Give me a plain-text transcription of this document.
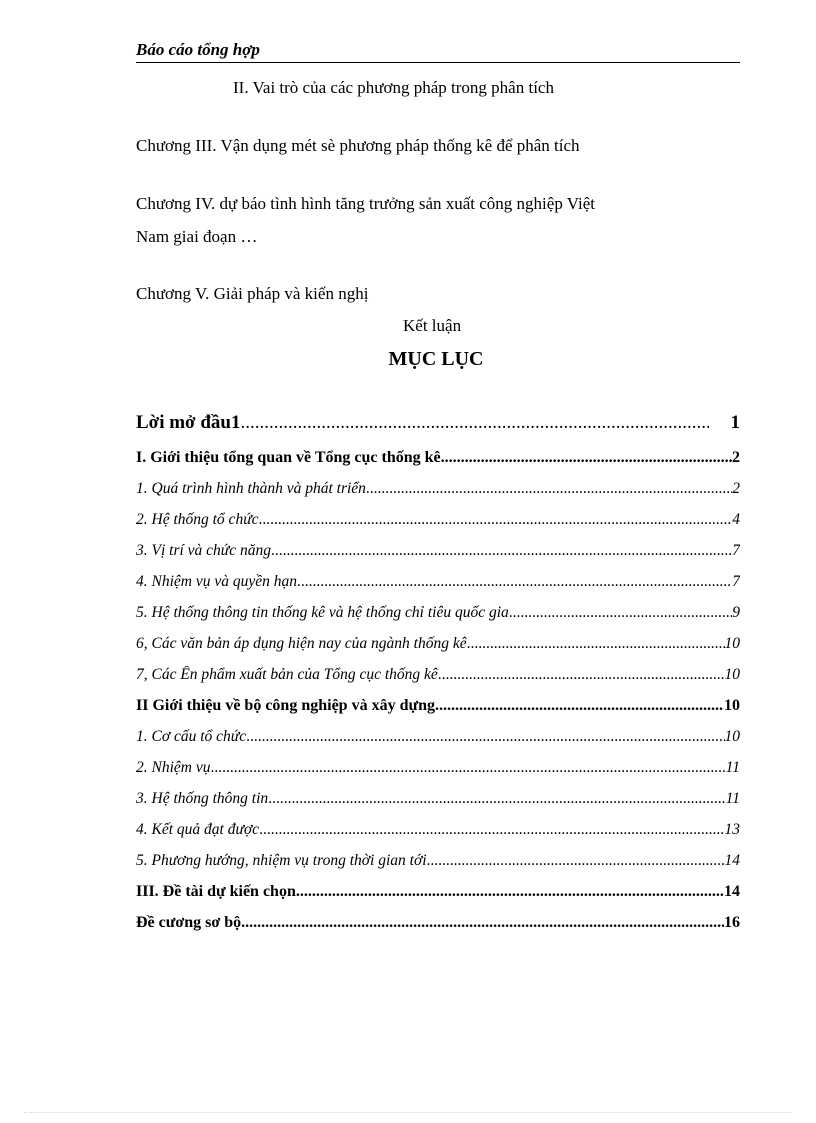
Báo cáo tổng hợp
II. Vai trò của các phương pháp trong phân tích
Chương III. Vận dụng mét sè phương pháp thống kê để phân tích
Chương IV. dự báo tình hình tăng trưởng sản xuất công nghiệp Việt
Nam giai đoạn …
Chương V. Giải pháp và kiến nghị
Kết luận
MỤC LỤC
Lời mở đầu1 .....	1
I. Giới thiệu tổng quan về Tổng cục thống kê .....	2
1. Quá trình hình thành và phát triển .....	2
2. Hệ thống tổ chức .....	4
3. Vị trí và chức năng .....	7
4. Nhiệm vụ và quyền hạn .....	7
5. Hệ thống thông tin thống kê và hệ thống chỉ tiêu quốc gia .....	9
6, Các văn bản áp dụng hiện nay của ngành thống kê .....	10
7, Các Ên phẩm xuất bản của Tổng cục thống kê .....	10
II Giới thiệu về bộ công nghiệp và xây dựng .....	10
1. Cơ cấu tổ chức .....	10
2. Nhiệm vụ .....	11
3. Hệ thống thông tin .....	11
4. Kết quả đạt được .....	13
5. Phương hướng, nhiệm vụ trong thời gian tới .....	14
III. Đề tài dự kiến chọn .....	14
Đề cương sơ bộ .....	16
